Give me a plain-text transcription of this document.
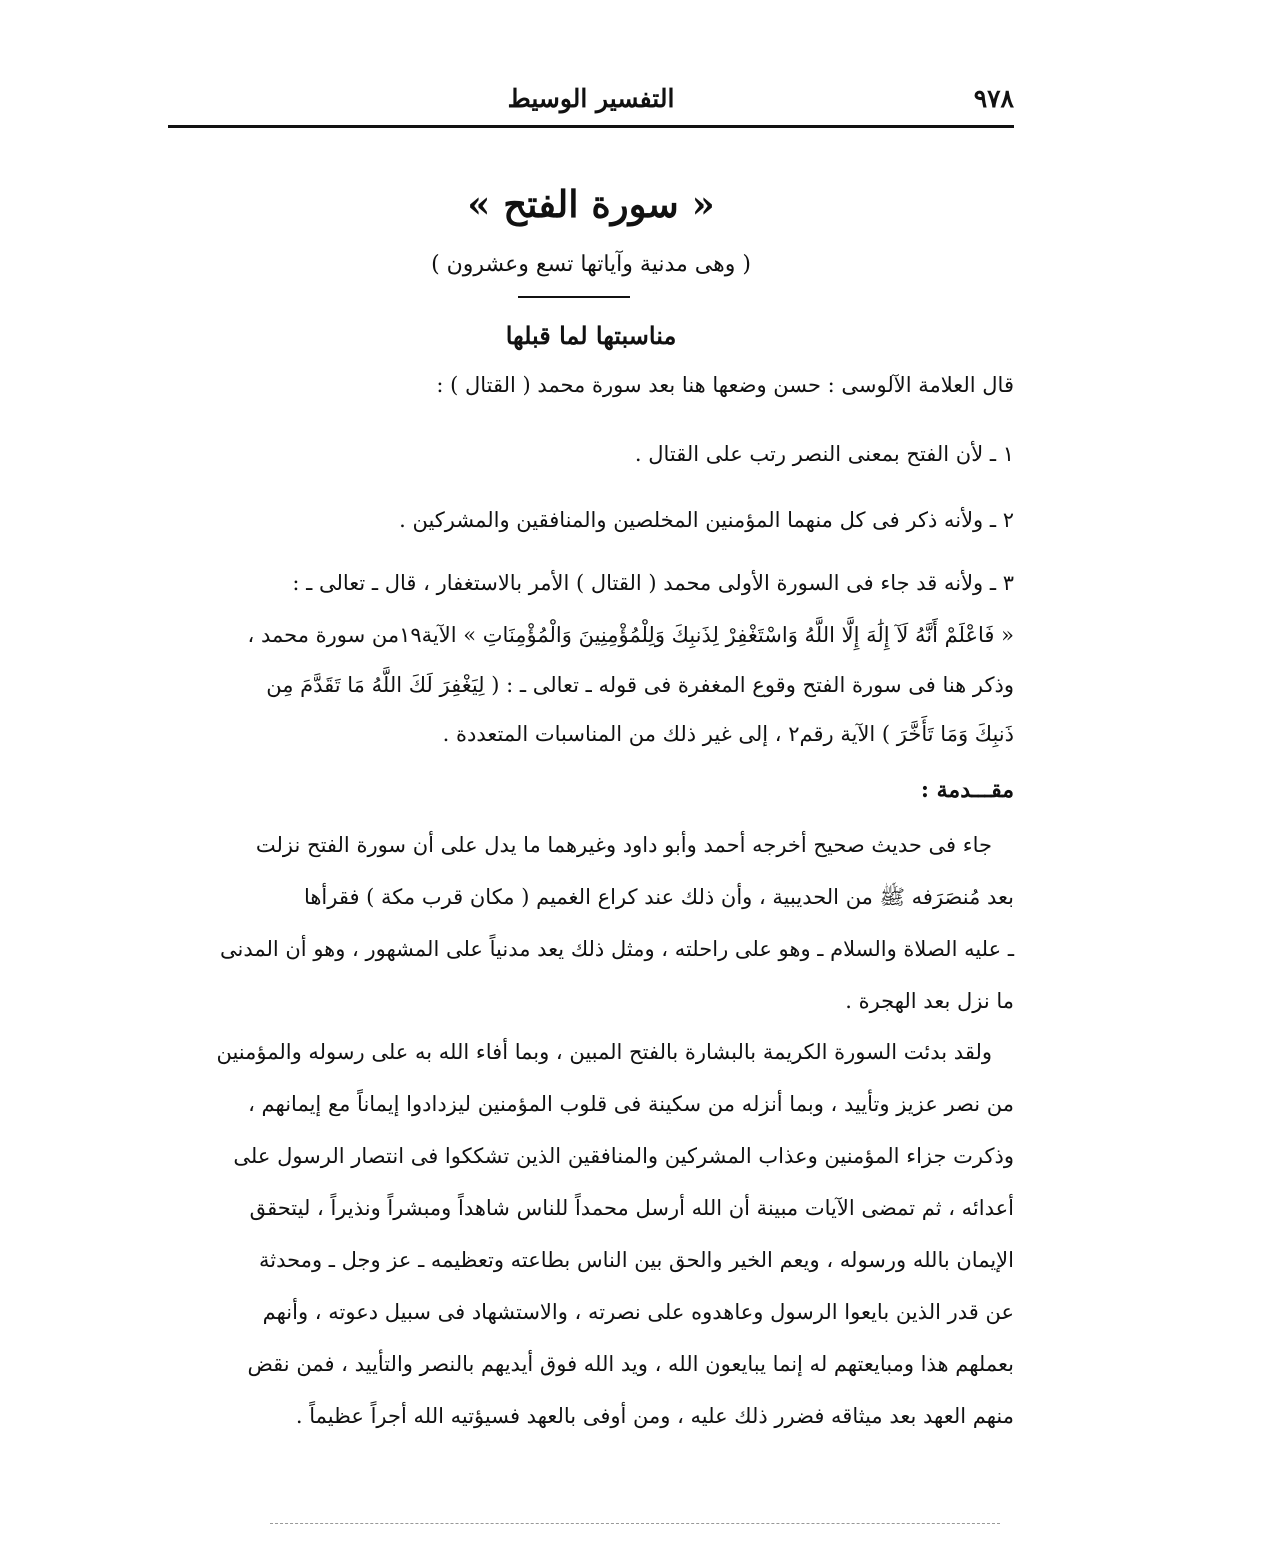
٩٧٨
التفسير الوسيط
« سورة الفتح »
( وهى مدنية وآياتها تسع وعشرون )
مناسبتها لما قبلها
قال العلامة الآلوسى : حسن وضعها هنا بعد سورة محمد ( القتال ) :
١ ـ لأن الفتح بمعنى النصر رتب على القتال .
٢ ـ ولأنه ذكر فى كل منهما المؤمنين المخلصين والمنافقين والمشركين .
٣ ـ ولأنه قد جاء فى السورة الأولى محمد ( القتال ) الأمر بالاستغفار ، قال ـ تعالى ـ :
« فَاعْلَمْ أَنَّهُ لَآ إِلَٰهَ إِلَّا اللَّهُ وَاسْتَغْفِرْ لِذَنبِكَ وَلِلْمُؤْمِنِينَ وَالْمُؤْمِنَاتِ » الآية١٩من سورة محمد ،
وذكر هنا فى سورة الفتح وقوع المغفرة فى قوله ـ تعالى ـ : ( لِيَغْفِرَ لَكَ اللَّهُ مَا تَقَدَّمَ مِن
ذَنبِكَ وَمَا تَأَخَّرَ ) الآية رقم٢ ، إلى غير ذلك من المناسبات المتعددة .
مقـــدمة :
جاء فى حديث صحيح أخرجه أحمد وأبو داود وغيرهما ما يدل على أن سورة الفتح نزلت
بعد مُنصَرَفه ﷺ من الحديبية ، وأن ذلك عند كراع الغميم ( مكان قرب مكة ) فقرأها
ـ عليه الصلاة والسلام ـ وهو على راحلته ، ومثل ذلك يعد مدنياً على المشهور ، وهو أن المدنى
ما نزل بعد الهجرة .
ولقد بدئت السورة الكريمة بالبشارة بالفتح المبين ، وبما أفاء الله به على رسوله والمؤمنين
من نصر عزيز وتأييد ، وبما أنزله من سكينة فى قلوب المؤمنين ليزدادوا إيماناً مع إيمانهم ،
وذكرت جزاء المؤمنين وعذاب المشركين والمنافقين الذين تشككوا فى انتصار الرسول على
أعدائه ، ثم تمضى الآيات مبينة أن الله أرسل محمداً للناس شاهداً ومبشراً ونذيراً ، ليتحقق
الإيمان بالله ورسوله ، ويعم الخير والحق بين الناس بطاعته وتعظيمه ـ عز وجل ـ ومحدثة
عن قدر الذين بايعوا الرسول وعاهدوه على نصرته ، والاستشهاد فى سبيل دعوته ، وأنهم
بعملهم هذا ومبايعتهم له إنما يبايعون الله ، ويد الله فوق أيديهم بالنصر والتأييد ، فمن نقض
منهم العهد بعد ميثاقه فضرر ذلك عليه ، ومن أوفى بالعهد فسيؤتيه الله أجراً عظيماً .
